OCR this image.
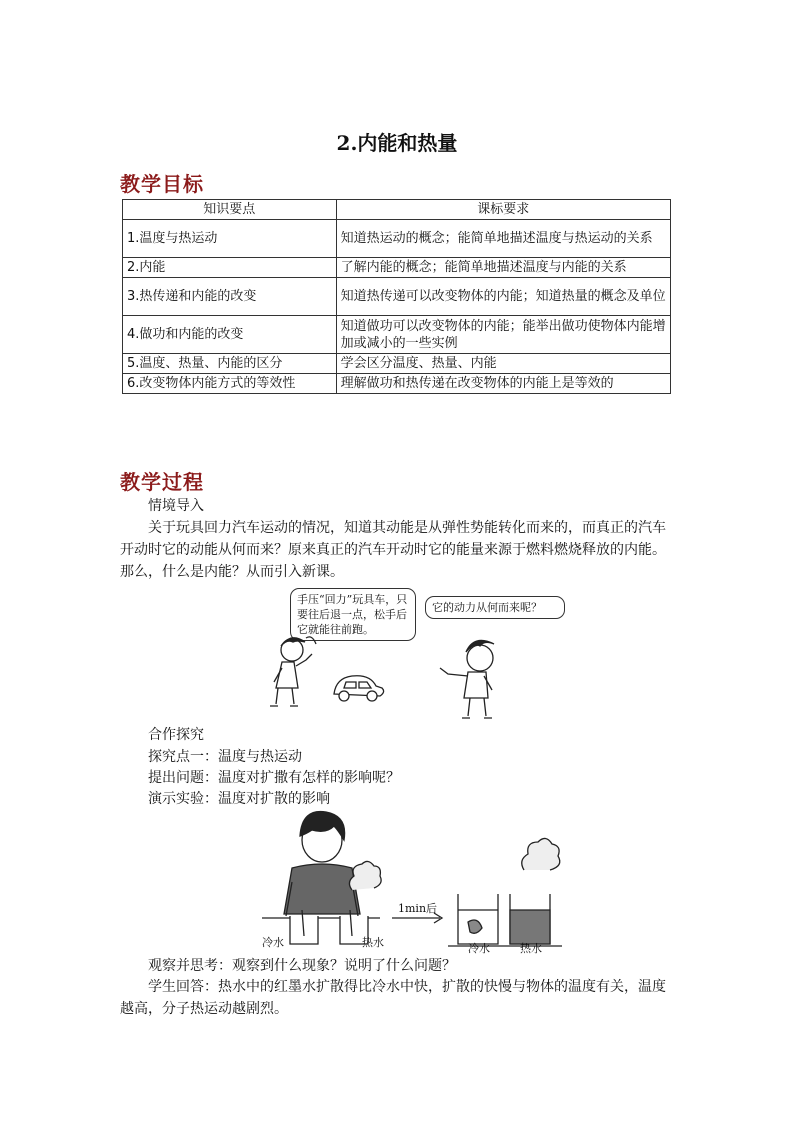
2.内能和热量
教学目标
知识要点	课标要求
1.温度与热运动	知道热运动的概念；能简单地描述温度与热运动的关系
2.内能	了解内能的概念；能简单地描述温度与内能的关系
3.热传递和内能的改变	知道热传递可以改变物体的内能；知道热量的概念及单位
4.做功和内能的改变	知道做功可以改变物体的内能；能举出做功使物体内能增加或减小的一些实例
5.温度、热量、内能的区分	学会区分温度、热量、内能
6.改变物体内能方式的等效性	理解做功和热传递在改变物体的内能上是等效的
教学过程
情境导入
关于玩具回力汽车运动的情况，知道其动能是从弹性势能转化而来的，而真正的汽车开动时它的动能从何而来？原来真正的汽车开动时它的能量来源于燃料燃烧释放的内能。那么，什么是内能？从而引入新课。
手压“回力”玩具车，只要往后退一点，松手后它就能往前跑。
它的动力从何而来呢？
合作探究
探究点一：温度与热运动
提出问题：温度对扩撒有怎样的影响呢？
演示实验：温度对扩散的影响
冷水	热水
1min后
冷水	热水
观察并思考：观察到什么现象？说明了什么问题？
学生回答：热水中的红墨水扩散得比冷水中快，扩散的快慢与物体的温度有关，温度越高，分子热运动越剧烈。
